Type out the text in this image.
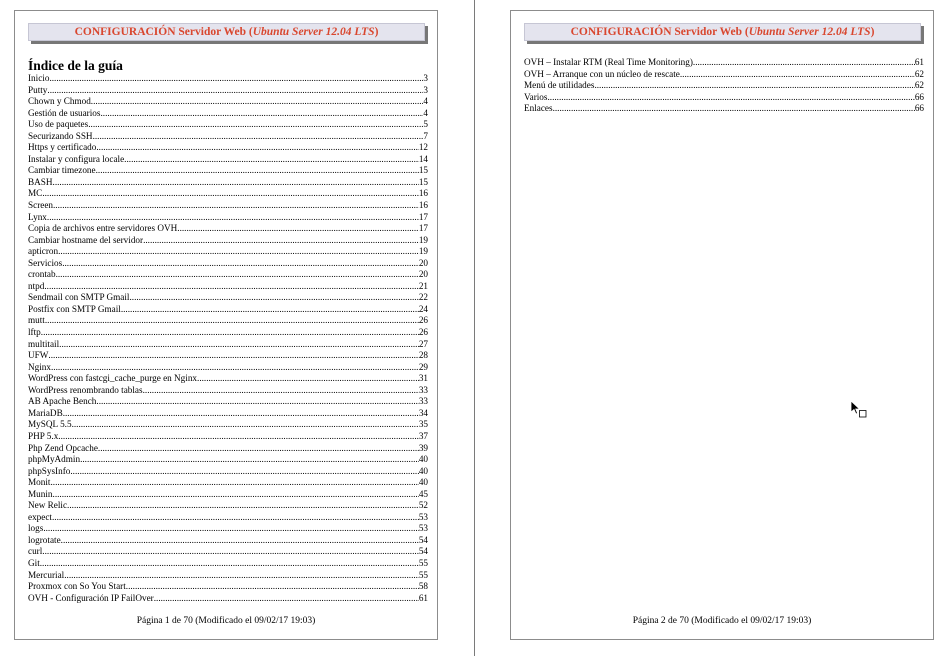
CONFIGURACIÓN Servidor Web (Ubuntu Server 12.04 LTS)
Índice de la guía
Inicio .....	3
Putty .....	3
Chown y Chmod .....	4
Gestión de usuarios .....	4
Uso de paquetes .....	5
Securizando SSH .....	7
Https y certificado .....	12
Instalar y configura locale .....	14
Cambiar timezone .....	15
BASH .....	15
MC .....	16
Screen .....	16
Lynx .....	17
Copia de archivos entre servidores OVH .....	17
Cambiar hostname del servidor .....	19
apticron .....	19
Servicios .....	20
crontab .....	20
ntpd .....	21
Sendmail con SMTP Gmail .....	22
Postfix con SMTP Gmail .....	24
mutt .....	26
lftp .....	26
multitail .....	27
UFW .....	28
Nginx .....	29
WordPress con fastcgi_cache_purge en Nginx .....	31
WordPress renombrando tablas .....	33
AB Apache Bench .....	33
MariaDB .....	34
MySQL 5.5 .....	35
PHP 5.x .....	37
Php Zend Opcache .....	39
phpMyAdmin .....	40
phpSysInfo .....	40
Monit .....	40
Munin .....	45
New Relic .....	52
expect .....	53
logs .....	53
logrotate .....	54
curl .....	54
Git .....	55
Mercurial .....	55
Proxmox con So You Start .....	58
OVH - Configuración IP FailOver .....	61
Página 1 de 70 (Modificado el 09/02/17 19:03)
CONFIGURACIÓN Servidor Web (Ubuntu Server 12.04 LTS)
OVH – Instalar RTM (Real Time Monitoring) .....	61
OVH – Arranque con un núcleo de rescate .....	62
Menú de utilidades .....	62
Varios .....	66
Enlaces .....	66
Página 2 de 70 (Modificado el 09/02/17 19:03)
